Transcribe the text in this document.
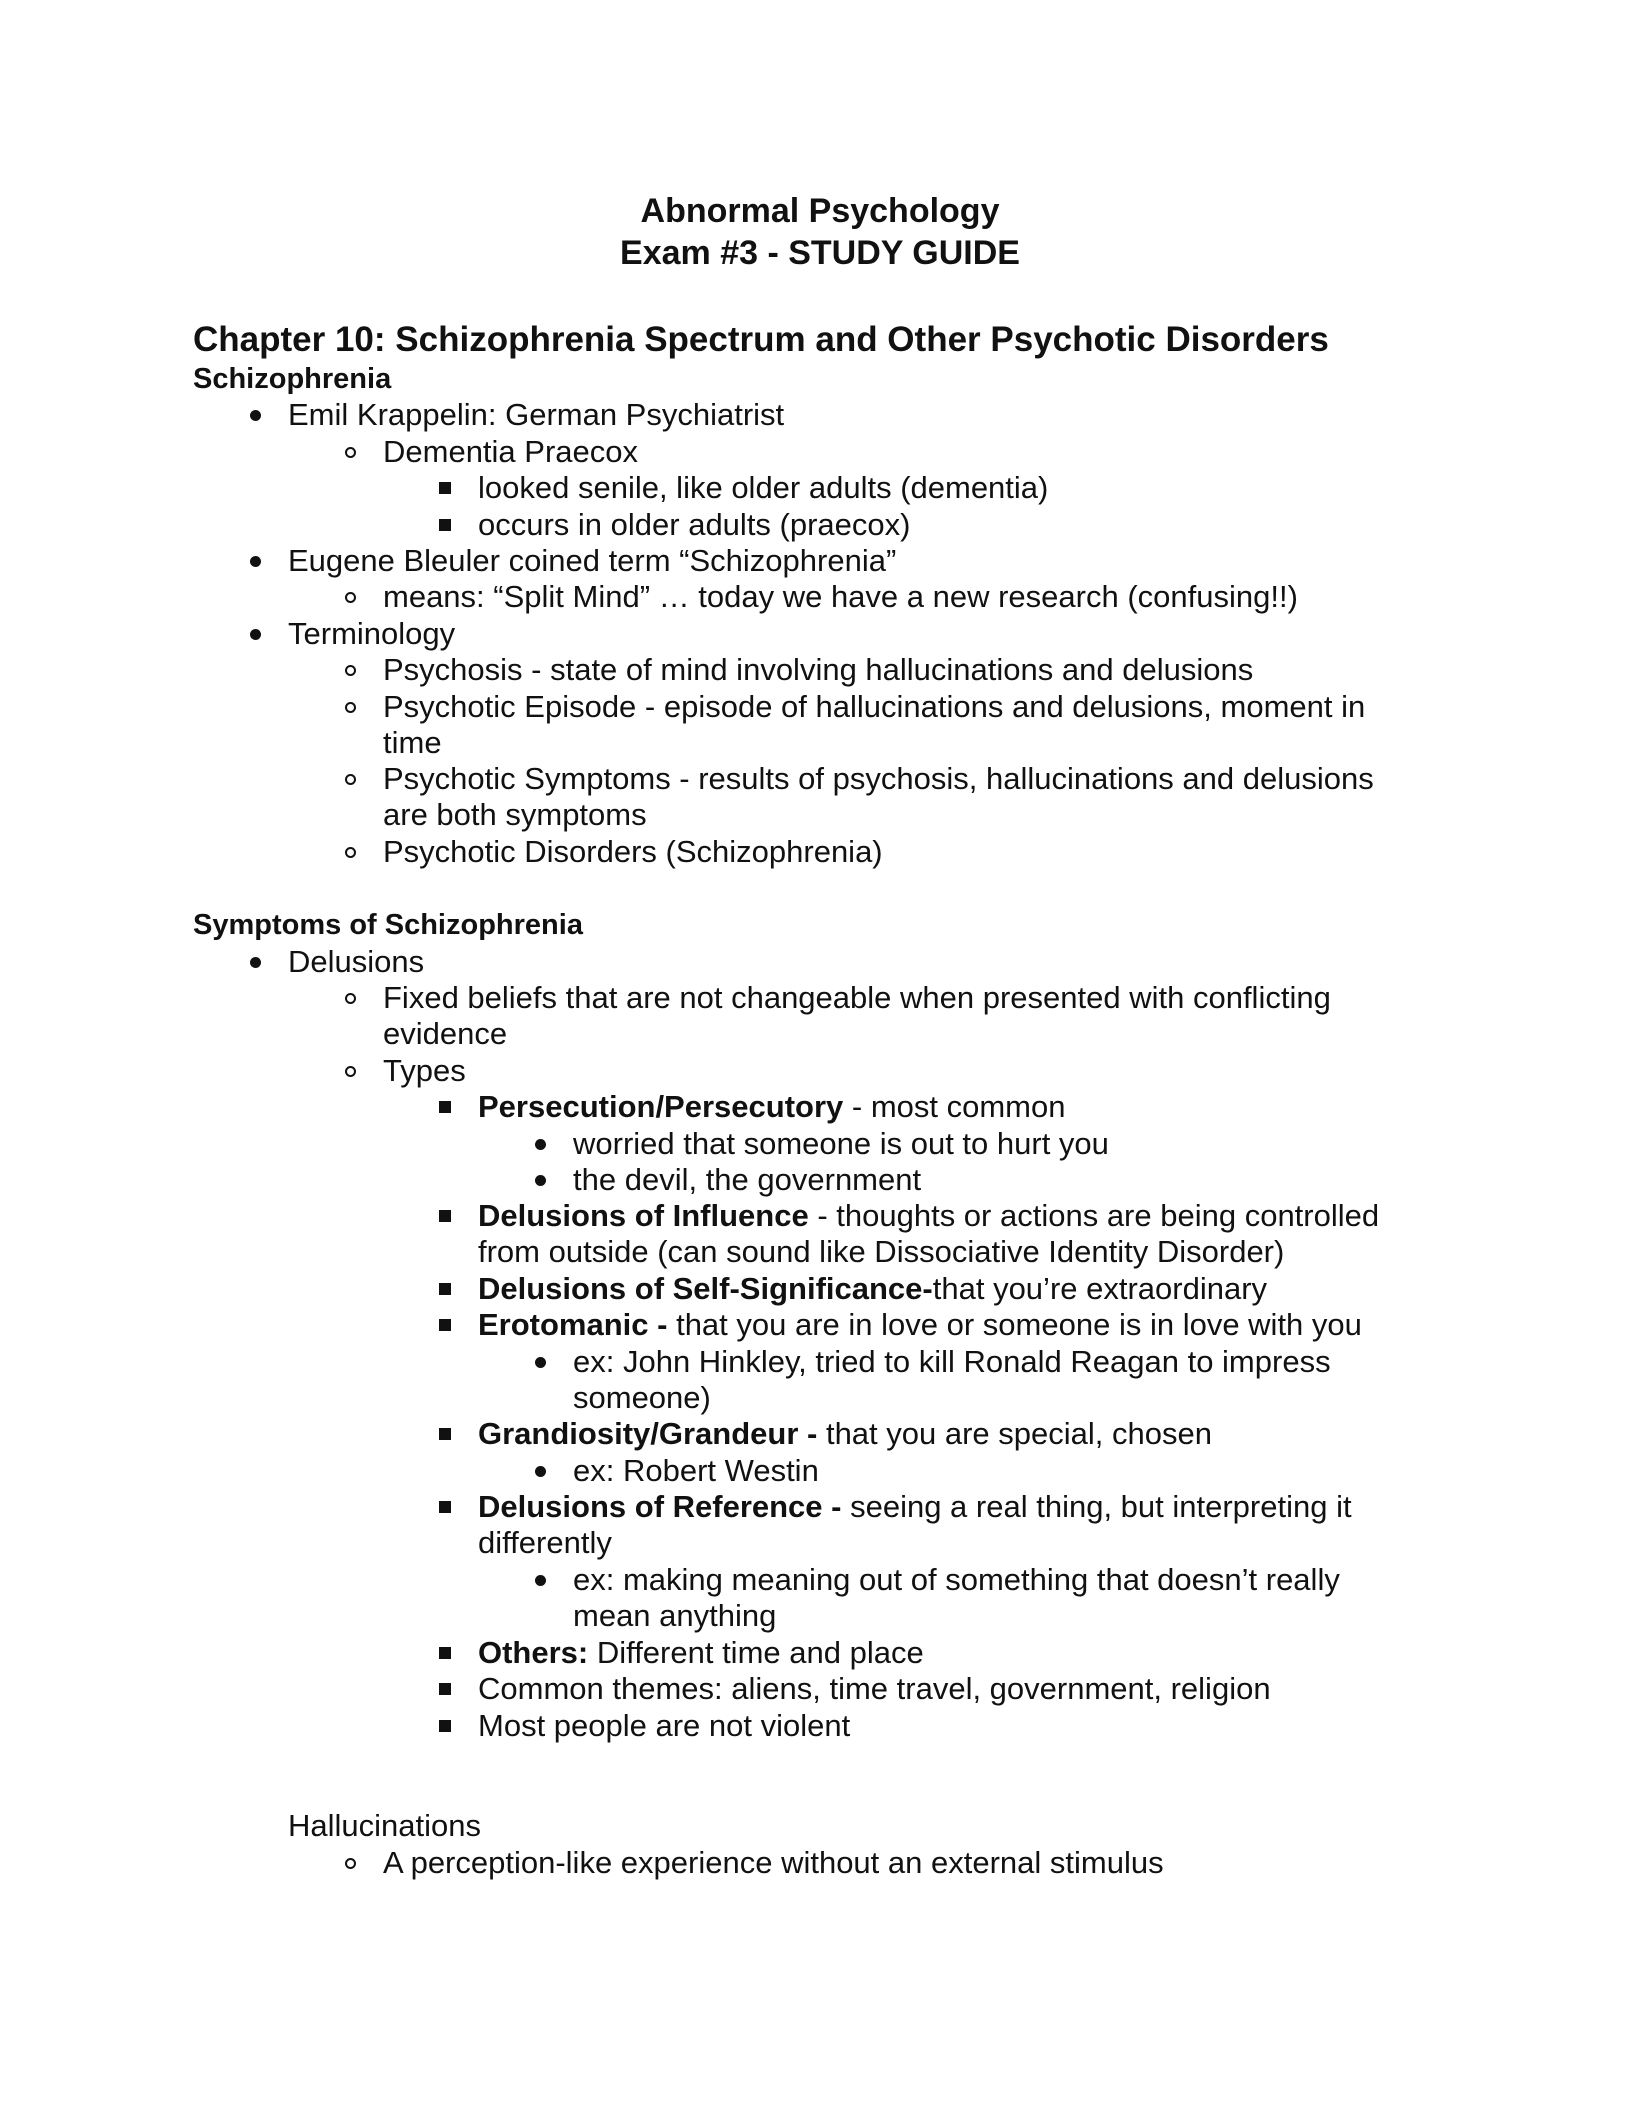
Abnormal Psychology
Exam #3 - STUDY GUIDE
Chapter 10: Schizophrenia Spectrum and Other Psychotic Disorders
Schizophrenia
Emil Krappelin: German Psychiatrist
Dementia Praecox
looked senile, like older adults (dementia)
occurs in older adults (praecox)
Eugene Bleuler coined term “Schizophrenia”
means: “Split Mind” … today we have a new research (confusing!!)
Terminology
Psychosis - state of mind involving hallucinations and delusions
Psychotic Episode - episode of hallucinations and delusions, moment in time
Psychotic Symptoms - results of psychosis, hallucinations and delusions are both symptoms
Psychotic Disorders (Schizophrenia)
Symptoms of Schizophrenia
Delusions
Fixed beliefs that are not changeable when presented with conflicting evidence
Types
Persecution/Persecutory - most common
worried that someone is out to hurt you
the devil, the government
Delusions of Influence - thoughts or actions are being controlled from outside (can sound like Dissociative Identity Disorder)
Delusions of Self-Significance-that you’re extraordinary
Erotomanic - that you are in love or someone is in love with you
ex: John Hinkley, tried to kill Ronald Reagan to impress someone)
Grandiosity/Grandeur - that you are special, chosen
ex: Robert Westin
Delusions of Reference - seeing a real thing, but interpreting it differently
ex: making meaning out of something that doesn’t really mean anything
Others: Different time and place
Common themes: aliens, time travel, government, religion
Most people are not violent
Hallucinations
A perception-like experience without an external stimulus
